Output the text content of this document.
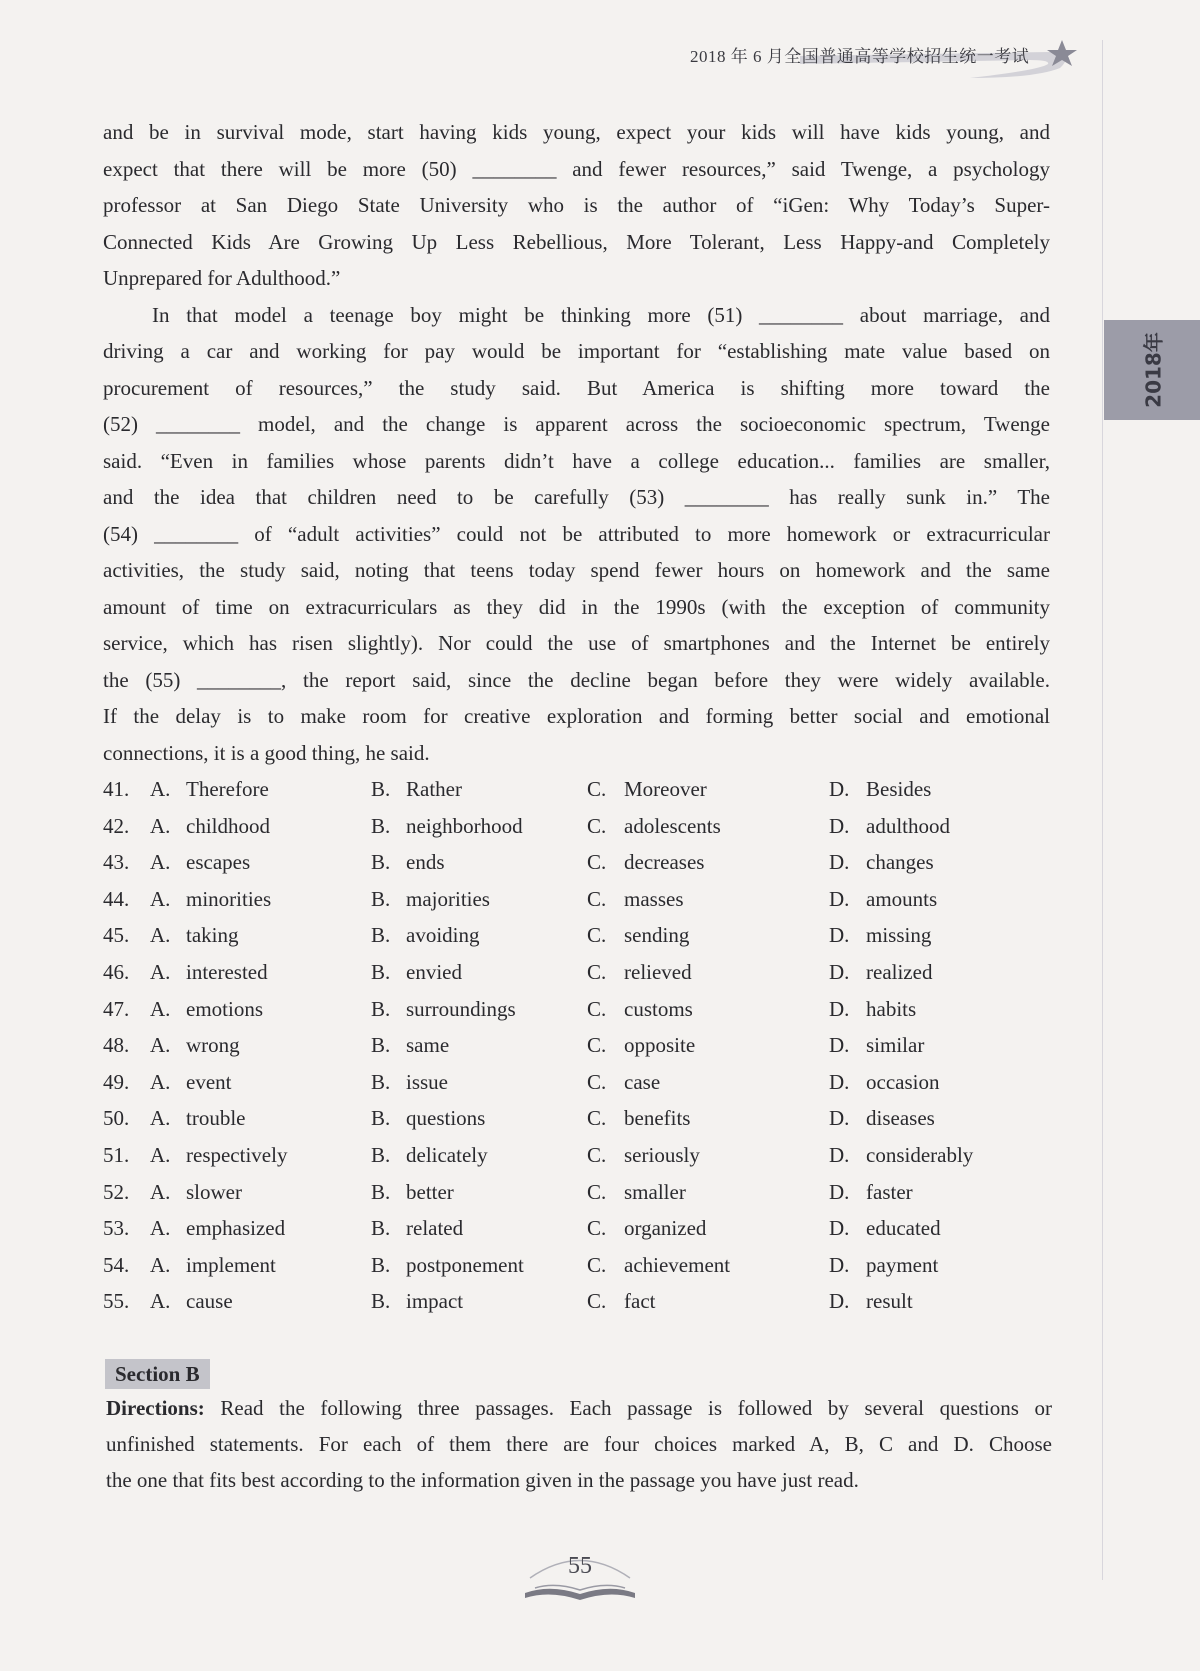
2018 年 6 月全国普通高等学校招生统一考试
2018年
and be in survival mode, start having kids young, expect your kids will have kids young, and
expect that there will be more (50) ________ and fewer resources,” said Twenge, a psychology
professor at San Diego State University who is the author of “iGen: Why Today’s Super-
Connected Kids Are Growing Up Less Rebellious, More Tolerant, Less Happy-and Completely
Unprepared for Adulthood.”
In that model a teenage boy might be thinking more (51) ________ about marriage, and
driving a car and working for pay would be important for “establishing mate value based on
procurement of resources,” the study said. But America is shifting more toward the
(52) ________ model, and the change is apparent across the socioeconomic spectrum, Twenge
said. “Even in families whose parents didn’t have a college education... families are smaller,
and the idea that children need to be carefully (53) ________ has really sunk in.” The
(54) ________ of “adult activities” could not be attributed to more homework or extracurricular
activities, the study said, noting that teens today spend fewer hours on homework and the same
amount of time on extracurriculars as they did in the 1990s (with the exception of community
service, which has risen slightly). Nor could the use of smartphones and the Internet be entirely
the (55) ________, the report said, since the decline began before they were widely available.
If the delay is to make room for creative exploration and forming better social and emotional
connections, it is a good thing, he said.
41. A. Therefore	B. Rather	C. Moreover	D. Besides
42. A. childhood	B. neighborhood	C. adolescents	D. adulthood
43. A. escapes	B. ends	C. decreases	D. changes
44. A. minorities	B. majorities	C. masses	D. amounts
45. A. taking	B. avoiding	C. sending	D. missing
46. A. interested	B. envied	C. relieved	D. realized
47. A. emotions	B. surroundings	C. customs	D. habits
48. A. wrong	B. same	C. opposite	D. similar
49. A. event	B. issue	C. case	D. occasion
50. A. trouble	B. questions	C. benefits	D. diseases
51. A. respectively	B. delicately	C. seriously	D. considerably
52. A. slower	B. better	C. smaller	D. faster
53. A. emphasized	B. related	C. organized	D. educated
54. A. implement	B. postponement	C. achievement	D. payment
55. A. cause	B. impact	C. fact	D. result
Section B
Directions: Read the following three passages. Each passage is followed by several questions or
unfinished statements. For each of them there are four choices marked A, B, C and D. Choose
the one that fits best according to the information given in the passage you have just read.
55
